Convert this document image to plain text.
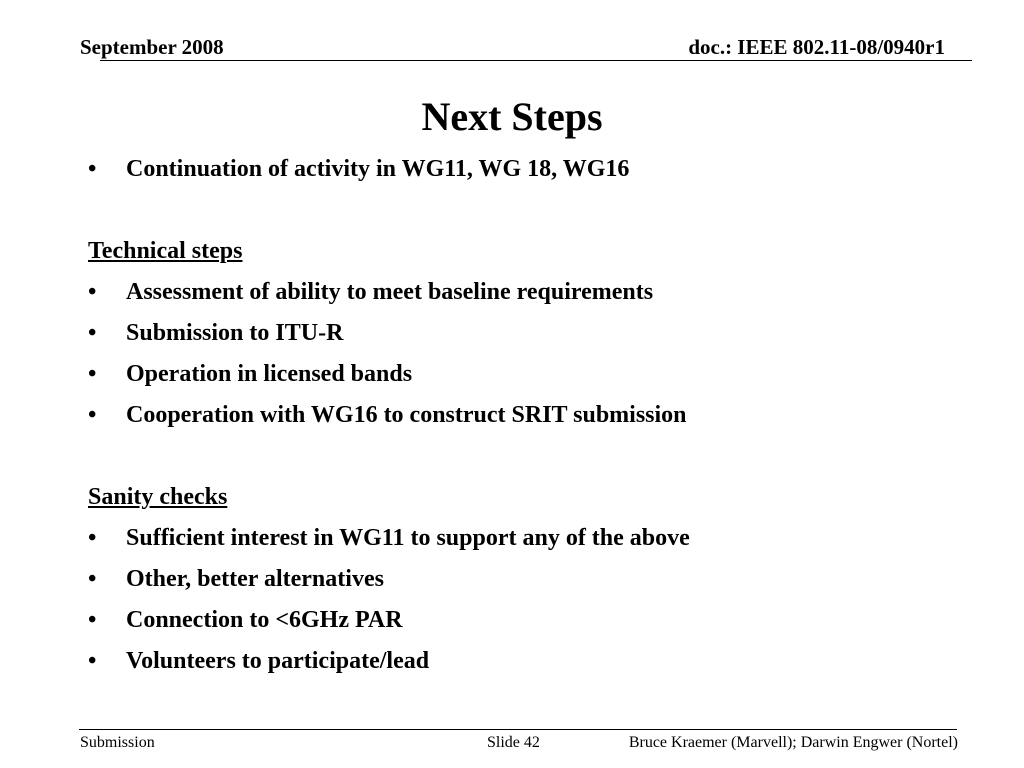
September 2008	doc.: IEEE 802.11-08/0940r1
Next Steps
•	Continuation of activity in WG11, WG 18, WG16
Technical steps
•	Assessment of ability to meet baseline requirements
•	Submission to ITU-R
•	Operation in licensed bands
•	Cooperation with WG16 to construct SRIT submission
Sanity checks
•	Sufficient interest in WG11 to support any of the above
•	Other, better alternatives
•	Connection to <6GHz PAR
•	Volunteers to participate/lead
Submission	Slide 42	Bruce Kraemer (Marvell); Darwin Engwer (Nortel)
